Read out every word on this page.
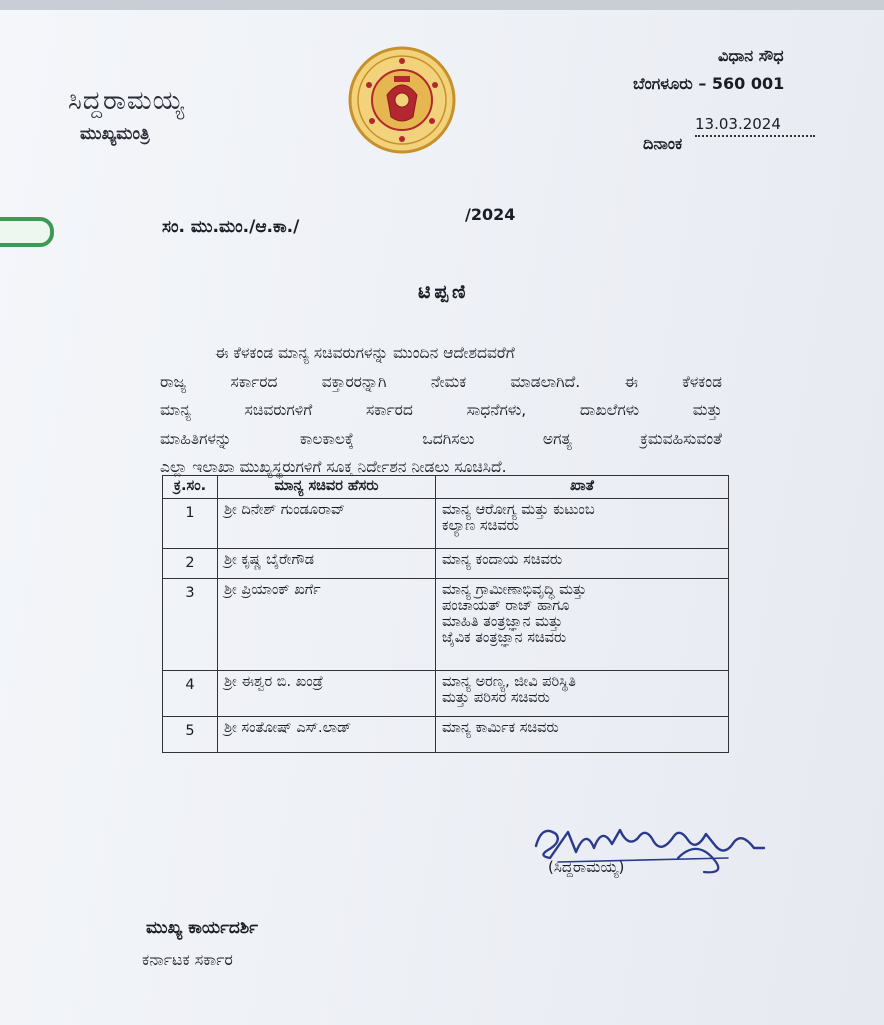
ಸಿದ್ದರಾಮಯ್ಯ
ಮುಖ್ಯಮಂತ್ರಿ
ವಿಧಾನ ಸೌಧ
ಬೆಂಗಳೂರು – 560 001
ದಿನಾಂಕ
13.03.2024
ಸಂ. ಮು.ಮಂ./ಆ.ಕಾ./
/2024
ಟಿಪ್ಪಣಿ
ಈ ಕೆಳಕಂಡ ಮಾನ್ಯ ಸಚಿವರುಗಳನ್ನು ಮುಂದಿನ ಆದೇಶದವರೆಗೆ
ರಾಜ್ಯ ಸರ್ಕಾರದ ವಕ್ತಾರರನ್ನಾಗಿ ನೇಮಕ ಮಾಡಲಾಗಿದೆ. ಈ ಕೆಳಕಂಡ
ಮಾನ್ಯ ಸಚಿವರುಗಳಿಗೆ ಸರ್ಕಾರದ ಸಾಧನೆಗಳು, ದಾಖಲೆಗಳು ಮತ್ತು
ಮಾಹಿತಿಗಳನ್ನು ಕಾಲಕಾಲಕ್ಕೆ ಒದಗಿಸಲು ಅಗತ್ಯ ಕ್ರಮವಹಿಸುವಂತೆ
ಎಲ್ಲಾ ಇಲಾಖಾ ಮುಖ್ಯಸ್ಥರುಗಳಿಗೆ ಸೂಕ್ತ ನಿರ್ದೇಶನ ನೀಡಲು ಸೂಚಿಸಿದೆ.
ಕ್ರ.ಸಂ.	ಮಾನ್ಯ ಸಚಿವರ ಹೆಸರು	ಖಾತೆ
1	ಶ್ರೀ ದಿನೇಶ್ ಗುಂಡೂರಾವ್	ಮಾನ್ಯ ಆರೋಗ್ಯ ಮತ್ತು ಕುಟುಂಬ
ಕಲ್ಯಾಣ ಸಚಿವರು

2	ಶ್ರೀ ಕೃಷ್ಣ ಬೈರೇಗೌಡ	ಮಾನ್ಯ ಕಂದಾಯ ಸಚಿವರು

3	ಶ್ರೀ ಪ್ರಿಯಾಂಕ್ ಖರ್ಗೆ	ಮಾನ್ಯ ಗ್ರಾಮೀಣಾಭಿವೃದ್ಧಿ ಮತ್ತು
ಪಂಚಾಯತ್ ರಾಜ್ ಹಾಗೂ
ಮಾಹಿತಿ ತಂತ್ರಜ್ಞಾನ ಮತ್ತು
ಜೈವಿಕ ತಂತ್ರಜ್ಞಾನ ಸಚಿವರು

4	ಶ್ರೀ ಈಶ್ವರ ಬಿ. ಖಂಡ್ರೆ	ಮಾನ್ಯ ಅರಣ್ಯ, ಜೀವಿ ಪರಿಸ್ಥಿತಿ
ಮತ್ತು ಪರಿಸರ ಸಚಿವರು

5	ಶ್ರೀ ಸಂತೋಷ್ ಎಸ್.ಲಾಡ್	ಮಾನ್ಯ ಕಾರ್ಮಿಕ ಸಚಿವರು
(ಸಿದ್ದರಾಮಯ್ಯ)
ಮುಖ್ಯ ಕಾರ್ಯದರ್ಶಿ
ಕರ್ನಾಟಕ ಸರ್ಕಾರ
